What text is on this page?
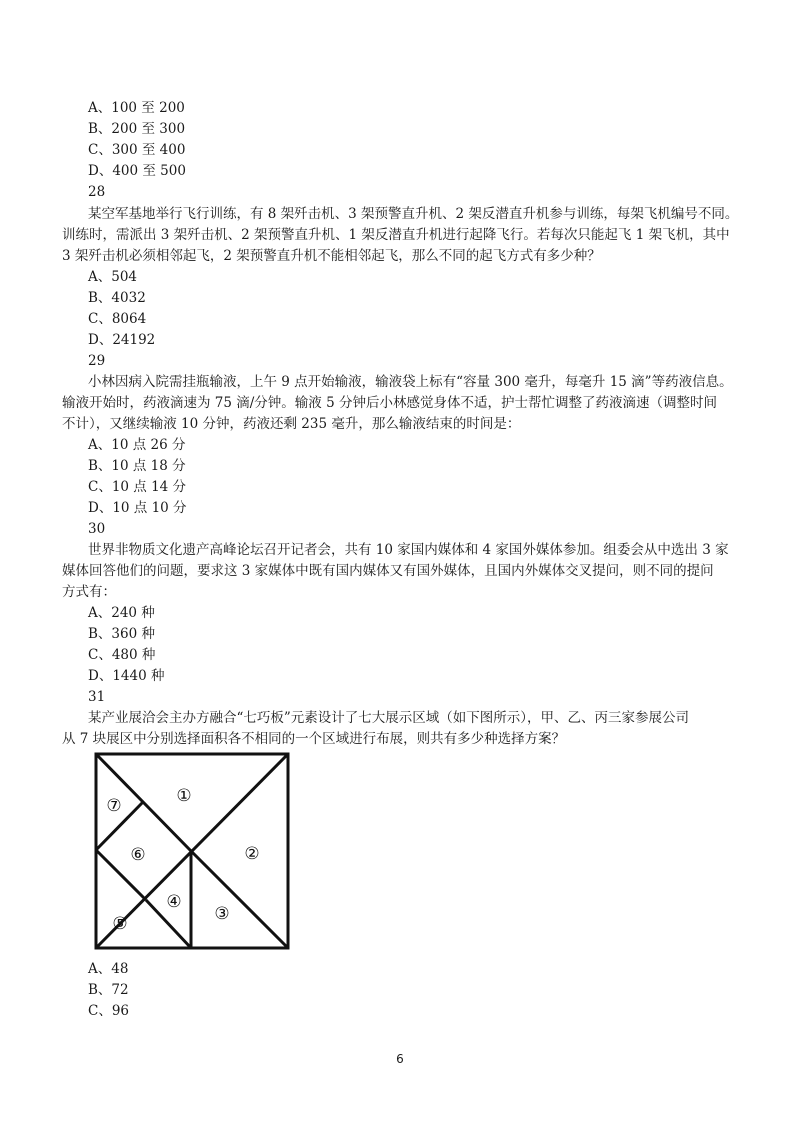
A、100 至 200
B、200 至 300
C、300 至 400
D、400 至 500
28
某空军基地举行飞行训练，有 8 架歼击机、3 架预警直升机、2 架反潜直升机参与训练，每架飞机编号不同。
训练时，需派出 3 架歼击机、2 架预警直升机、1 架反潜直升机进行起降飞行。若每次只能起飞 1 架飞机，其中
3 架歼击机必须相邻起飞，2 架预警直升机不能相邻起飞，那么不同的起飞方式有多少种？
A、504
B、4032
C、8064
D、24192
29
小林因病入院需挂瓶输液，上午 9 点开始输液，输液袋上标有“容量 300 毫升，每毫升 15 滴”等药液信息。
输液开始时，药液滴速为 75 滴/分钟。输液 5 分钟后小林感觉身体不适，护士帮忙调整了药液滴速（调整时间
不计），又继续输液 10 分钟，药液还剩 235 毫升，那么输液结束的时间是：
A、10 点 26 分
B、10 点 18 分
C、10 点 14 分
D、10 点 10 分
30
世界非物质文化遗产高峰论坛召开记者会，共有 10 家国内媒体和 4 家国外媒体参加。组委会从中选出 3 家
媒体回答他们的问题，要求这 3 家媒体中既有国内媒体又有国外媒体，且国内外媒体交叉提问，则不同的提问
方式有：
A、240 种
B、360 种
C、480 种
D、1440 种
31
某产业展洽会主办方融合“七巧板”元素设计了七大展示区域（如下图所示），甲、乙、丙三家参展公司
从 7 块展区中分别选择面积各不相同的一个区域进行布展，则共有多少种选择方案？
①
②
③
④
⑤
⑥
⑦
A、48
B、72
C、96
6
